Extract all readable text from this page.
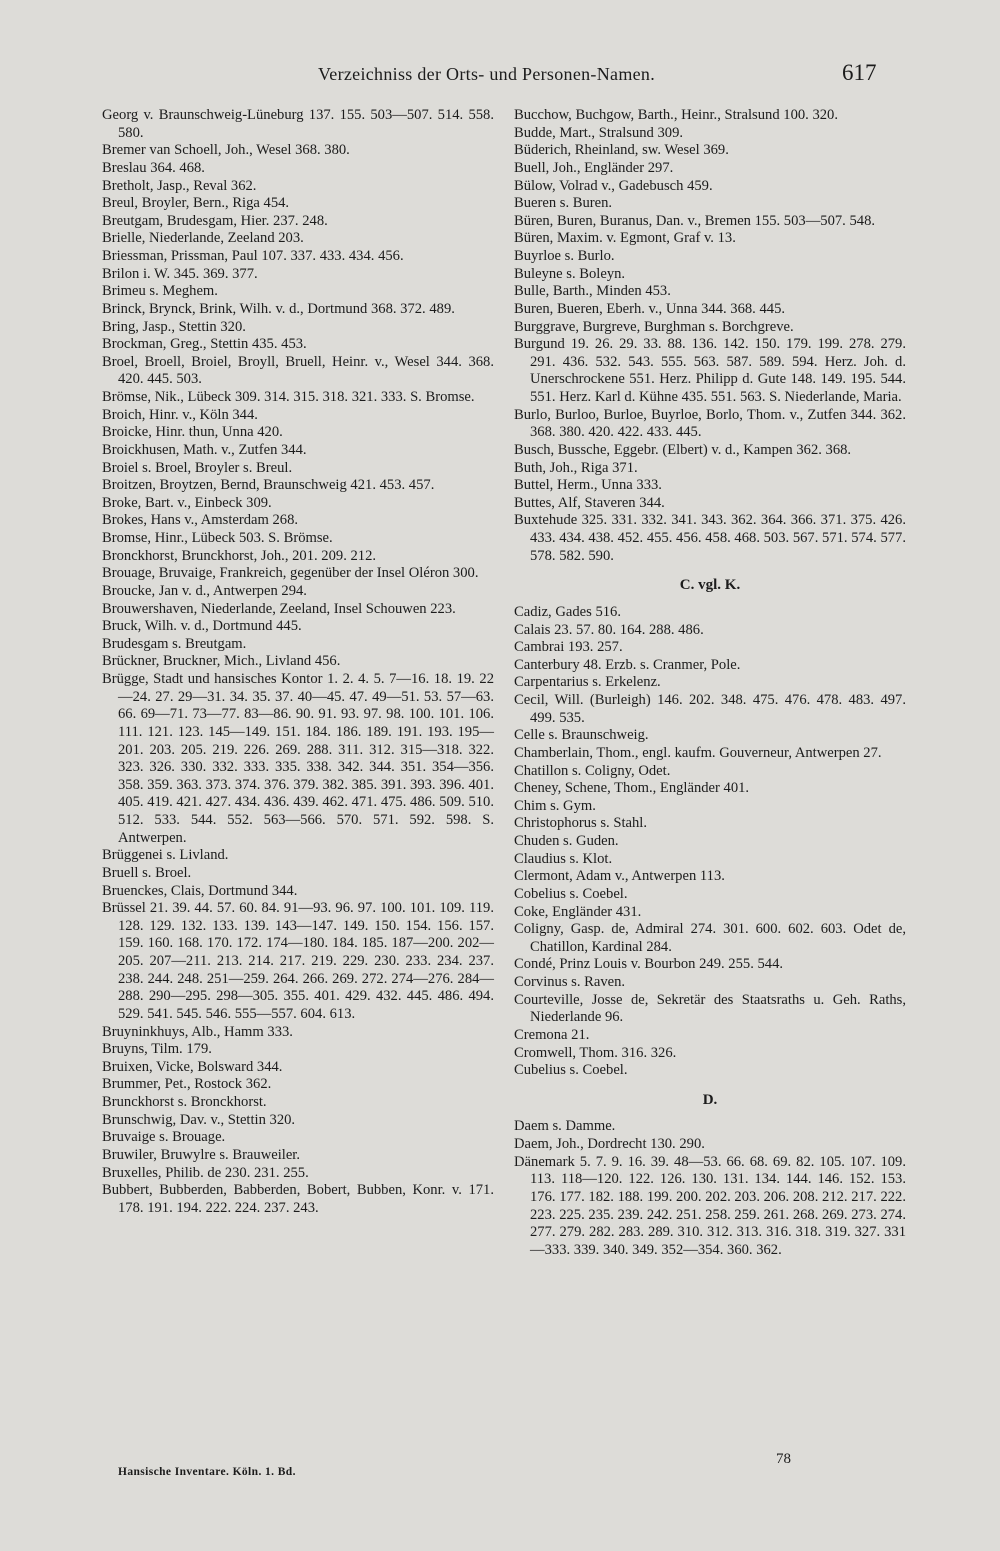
Verzeichniss der Orts- und Personen-Namen.	617
Georg v. Braunschweig-Lüneburg 137. 155. 503—507. 514. 558. 580.
Bremer van Schoell, Joh., Wesel 368. 380.
Breslau 364. 468.
Bretholt, Jasp., Reval 362.
Breul, Broyler, Bern., Riga 454.
Breutgam, Brudesgam, Hier. 237. 248.
Brielle, Niederlande, Zeeland 203.
Briessman, Prissman, Paul 107. 337. 433. 434. 456.
Brilon i. W. 345. 369. 377.
Brimeu s. Meghem.
Brinck, Brynck, Brink, Wilh. v. d., Dortmund 368. 372. 489.
Bring, Jasp., Stettin 320.
Brockman, Greg., Stettin 435. 453.
Broel, Broell, Broiel, Broyll, Bruell, Heinr. v., Wesel 344. 368. 420. 445. 503.
Brömse, Nik., Lübeck 309. 314. 315. 318. 321. 333. S. Bromse.
Broich, Hinr. v., Köln 344.
Broicke, Hinr. thun, Unna 420.
Broickhusen, Math. v., Zutfen 344.
Broiel s. Broel, Broyler s. Breul.
Broitzen, Broytzen, Bernd, Braunschweig 421. 453. 457.
Broke, Bart. v., Einbeck 309.
Brokes, Hans v., Amsterdam 268.
Bromse, Hinr., Lübeck 503. S. Brömse.
Bronckhorst, Brunckhorst, Joh., 201. 209. 212.
Brouage, Bruvaige, Frankreich, gegenüber der Insel Oléron 300.
Broucke, Jan v. d., Antwerpen 294.
Brouwershaven, Niederlande, Zeeland, Insel Schouwen 223.
Bruck, Wilh. v. d., Dortmund 445.
Brudesgam s. Breutgam.
Brückner, Bruckner, Mich., Livland 456.
Brügge, Stadt und hansisches Kontor 1. 2. 4. 5. 7—16. 18. 19. 22—24. 27. 29—31. 34. 35. 37. 40—45. 47. 49—51. 53. 57—63. 66. 69—71. 73—77. 83—86. 90. 91. 93. 97. 98. 100. 101. 106. 111. 121. 123. 145—149. 151. 184. 186. 189. 191. 193. 195—201. 203. 205. 219. 226. 269. 288. 311. 312. 315—318. 322. 323. 326. 330. 332. 333. 335. 338. 342. 344. 351. 354—356. 358. 359. 363. 373. 374. 376. 379. 382. 385. 391. 393. 396. 401. 405. 419. 421. 427. 434. 436. 439. 462. 471. 475. 486. 509. 510. 512. 533. 544. 552. 563—566. 570. 571. 592. 598. S. Antwerpen.
Brüggenei s. Livland.
Bruell s. Broel.
Bruenckes, Clais, Dortmund 344.
Brüssel 21. 39. 44. 57. 60. 84. 91—93. 96. 97. 100. 101. 109. 119. 128. 129. 132. 133. 139. 143—147. 149. 150. 154. 156. 157. 159. 160. 168. 170. 172. 174—180. 184. 185. 187—200. 202—205. 207—211. 213. 214. 217. 219. 229. 230. 233. 234. 237. 238. 244. 248. 251—259. 264. 266. 269. 272. 274—276. 284—288. 290—295. 298—305. 355. 401. 429. 432. 445. 486. 494. 529. 541. 545. 546. 555—557. 604. 613.
Bruyninkhuys, Alb., Hamm 333.
Bruyns, Tilm. 179.
Bruixen, Vicke, Bolsward 344.
Brummer, Pet., Rostock 362.
Brunckhorst s. Bronckhorst.
Brunschwig, Dav. v., Stettin 320.
Bruvaige s. Brouage.
Bruwiler, Bruwylre s. Brauweiler.
Bruxelles, Philib. de 230. 231. 255.
Bubbert, Bubberden, Babberden, Bobert, Bubben, Konr. v. 171. 178. 191. 194. 222. 224. 237. 243.
Bucchow, Buchgow, Barth., Heinr., Stralsund 100. 320.
Budde, Mart., Stralsund 309.
Büderich, Rheinland, sw. Wesel 369.
Buell, Joh., Engländer 297.
Bülow, Volrad v., Gadebusch 459.
Bueren s. Buren.
Büren, Buren, Buranus, Dan. v., Bremen 155. 503—507. 548.
Büren, Maxim. v. Egmont, Graf v. 13.
Buyrloe s. Burlo.
Buleyne s. Boleyn.
Bulle, Barth., Minden 453.
Buren, Bueren, Eberh. v., Unna 344. 368. 445.
Burggrave, Burgreve, Burghman s. Borchgreve.
Burgund 19. 26. 29. 33. 88. 136. 142. 150. 179. 199. 278. 279. 291. 436. 532. 543. 555. 563. 587. 589. 594. Herz. Joh. d. Unerschrockene 551. Herz. Philipp d. Gute 148. 149. 195. 544. 551. Herz. Karl d. Kühne 435. 551. 563. S. Niederlande, Maria.
Burlo, Burloo, Burloe, Buyrloe, Borlo, Thom. v., Zutfen 344. 362. 368. 380. 420. 422. 433. 445.
Busch, Bussche, Eggebr. (Elbert) v. d., Kampen 362. 368.
Buth, Joh., Riga 371.
Buttel, Herm., Unna 333.
Buttes, Alf, Staveren 344.
Buxtehude 325. 331. 332. 341. 343. 362. 364. 366. 371. 375. 426. 433. 434. 438. 452. 455. 456. 458. 468. 503. 567. 571. 574. 577. 578. 582. 590.
C. vgl. K.
Cadiz, Gades 516.
Calais 23. 57. 80. 164. 288. 486.
Cambrai 193. 257.
Canterbury 48. Erzb. s. Cranmer, Pole.
Carpentarius s. Erkelenz.
Cecil, Will. (Burleigh) 146. 202. 348. 475. 476. 478. 483. 497. 499. 535.
Celle s. Braunschweig.
Chamberlain, Thom., engl. kaufm. Gouverneur, Antwerpen 27.
Chatillon s. Coligny, Odet.
Cheney, Schene, Thom., Engländer 401.
Chim s. Gym.
Christophorus s. Stahl.
Chuden s. Guden.
Claudius s. Klot.
Clermont, Adam v., Antwerpen 113.
Cobelius s. Coebel.
Coke, Engländer 431.
Coligny, Gasp. de, Admiral 274. 301. 600. 602. 603. Odet de, Chatillon, Kardinal 284.
Condé, Prinz Louis v. Bourbon 249. 255. 544.
Corvinus s. Raven.
Courteville, Josse de, Sekretär des Staatsraths u. Geh. Raths, Niederlande 96.
Cremona 21.
Cromwell, Thom. 316. 326.
Cubelius s. Coebel.
D.
Daem s. Damme.
Daem, Joh., Dordrecht 130. 290.
Dänemark 5. 7. 9. 16. 39. 48—53. 66. 68. 69. 82. 105. 107. 109. 113. 118—120. 122. 126. 130. 131. 134. 144. 146. 152. 153. 176. 177. 182. 188. 199. 200. 202. 203. 206. 208. 212. 217. 222. 223. 225. 235. 239. 242. 251. 258. 259. 261. 268. 269. 273. 274. 277. 279. 282. 283. 289. 310. 312. 313. 316. 318. 319. 327. 331—333. 339. 340. 349. 352—354. 360. 362.
Hansische Inventare. Köln. 1. Bd.
78
